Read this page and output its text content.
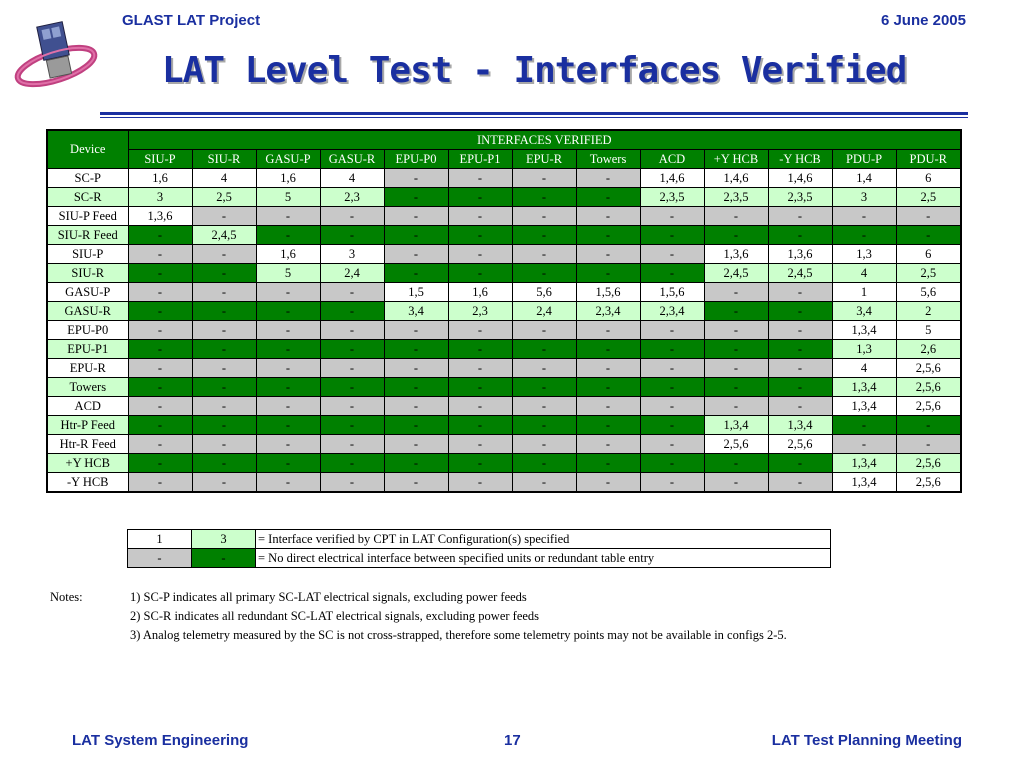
GLAST LAT Project	6 June 2005
LAT Level Test - Interfaces Verified
Device	INTERFACES VERIFIED												
	SIU-P	SIU-R	GASU-P	GASU-R	EPU-P0	EPU-P1	EPU-R	Towers	ACD	+Y HCB	-Y HCB	PDU-P	PDU-R
SC-P	1,6	4	1,6	4	-	-	-	-	1,4,6	1,4,6	1,4,6	1,4	6
SC-R	3	2,5	5	2,3	-	-	-	-	2,3,5	2,3,5	2,3,5	3	2,5
SIU-P Feed	1,3,6	-	-	-	-	-	-	-	-	-	-	-	-
SIU-R Feed	-	2,4,5	-	-	-	-	-	-	-	-	-	-	-
SIU-P	-	-	1,6	3	-	-	-	-	-	1,3,6	1,3,6	1,3	6
SIU-R	-	-	5	2,4	-	-	-	-	-	2,4,5	2,4,5	4	2,5
GASU-P	-	-	-	-	1,5	1,6	5,6	1,5,6	1,5,6	-	-	1	5,6
GASU-R	-	-	-	-	3,4	2,3	2,4	2,3,4	2,3,4	-	-	3,4	2
EPU-P0	-	-	-	-	-	-	-	-	-	-	-	1,3,4	5
EPU-P1	-	-	-	-	-	-	-	-	-	-	-	1,3	2,6
EPU-R	-	-	-	-	-	-	-	-	-	-	-	4	2,5,6
Towers	-	-	-	-	-	-	-	-	-	-	-	1,3,4	2,5,6
ACD	-	-	-	-	-	-	-	-	-	-	-	1,3,4	2,5,6
Htr-P Feed	-	-	-	-	-	-	-	-	-	1,3,4	1,3,4	-	-
Htr-R Feed	-	-	-	-	-	-	-	-	-	2,5,6	2,5,6	-	-
+Y HCB	-	-	-	-	-	-	-	-	-	-	-	1,3,4	2,5,6
-Y HCB	-	-	-	-	-	-	-	-	-	-	-	1,3,4	2,5,6
1	3	= Interface verified by CPT in LAT Configuration(s) specified
-	-	= No direct electrical interface between specified units or redundant table entry
Notes:	1) SC-P indicates all primary SC-LAT electrical signals, excluding power feeds
2) SC-R indicates all redundant SC-LAT electrical signals, excluding power feeds
3) Analog telemetry measured by the SC is not cross-strapped, therefore some telemetry points may not be available in configs 2-5.
LAT System Engineering	17	LAT Test Planning Meeting
